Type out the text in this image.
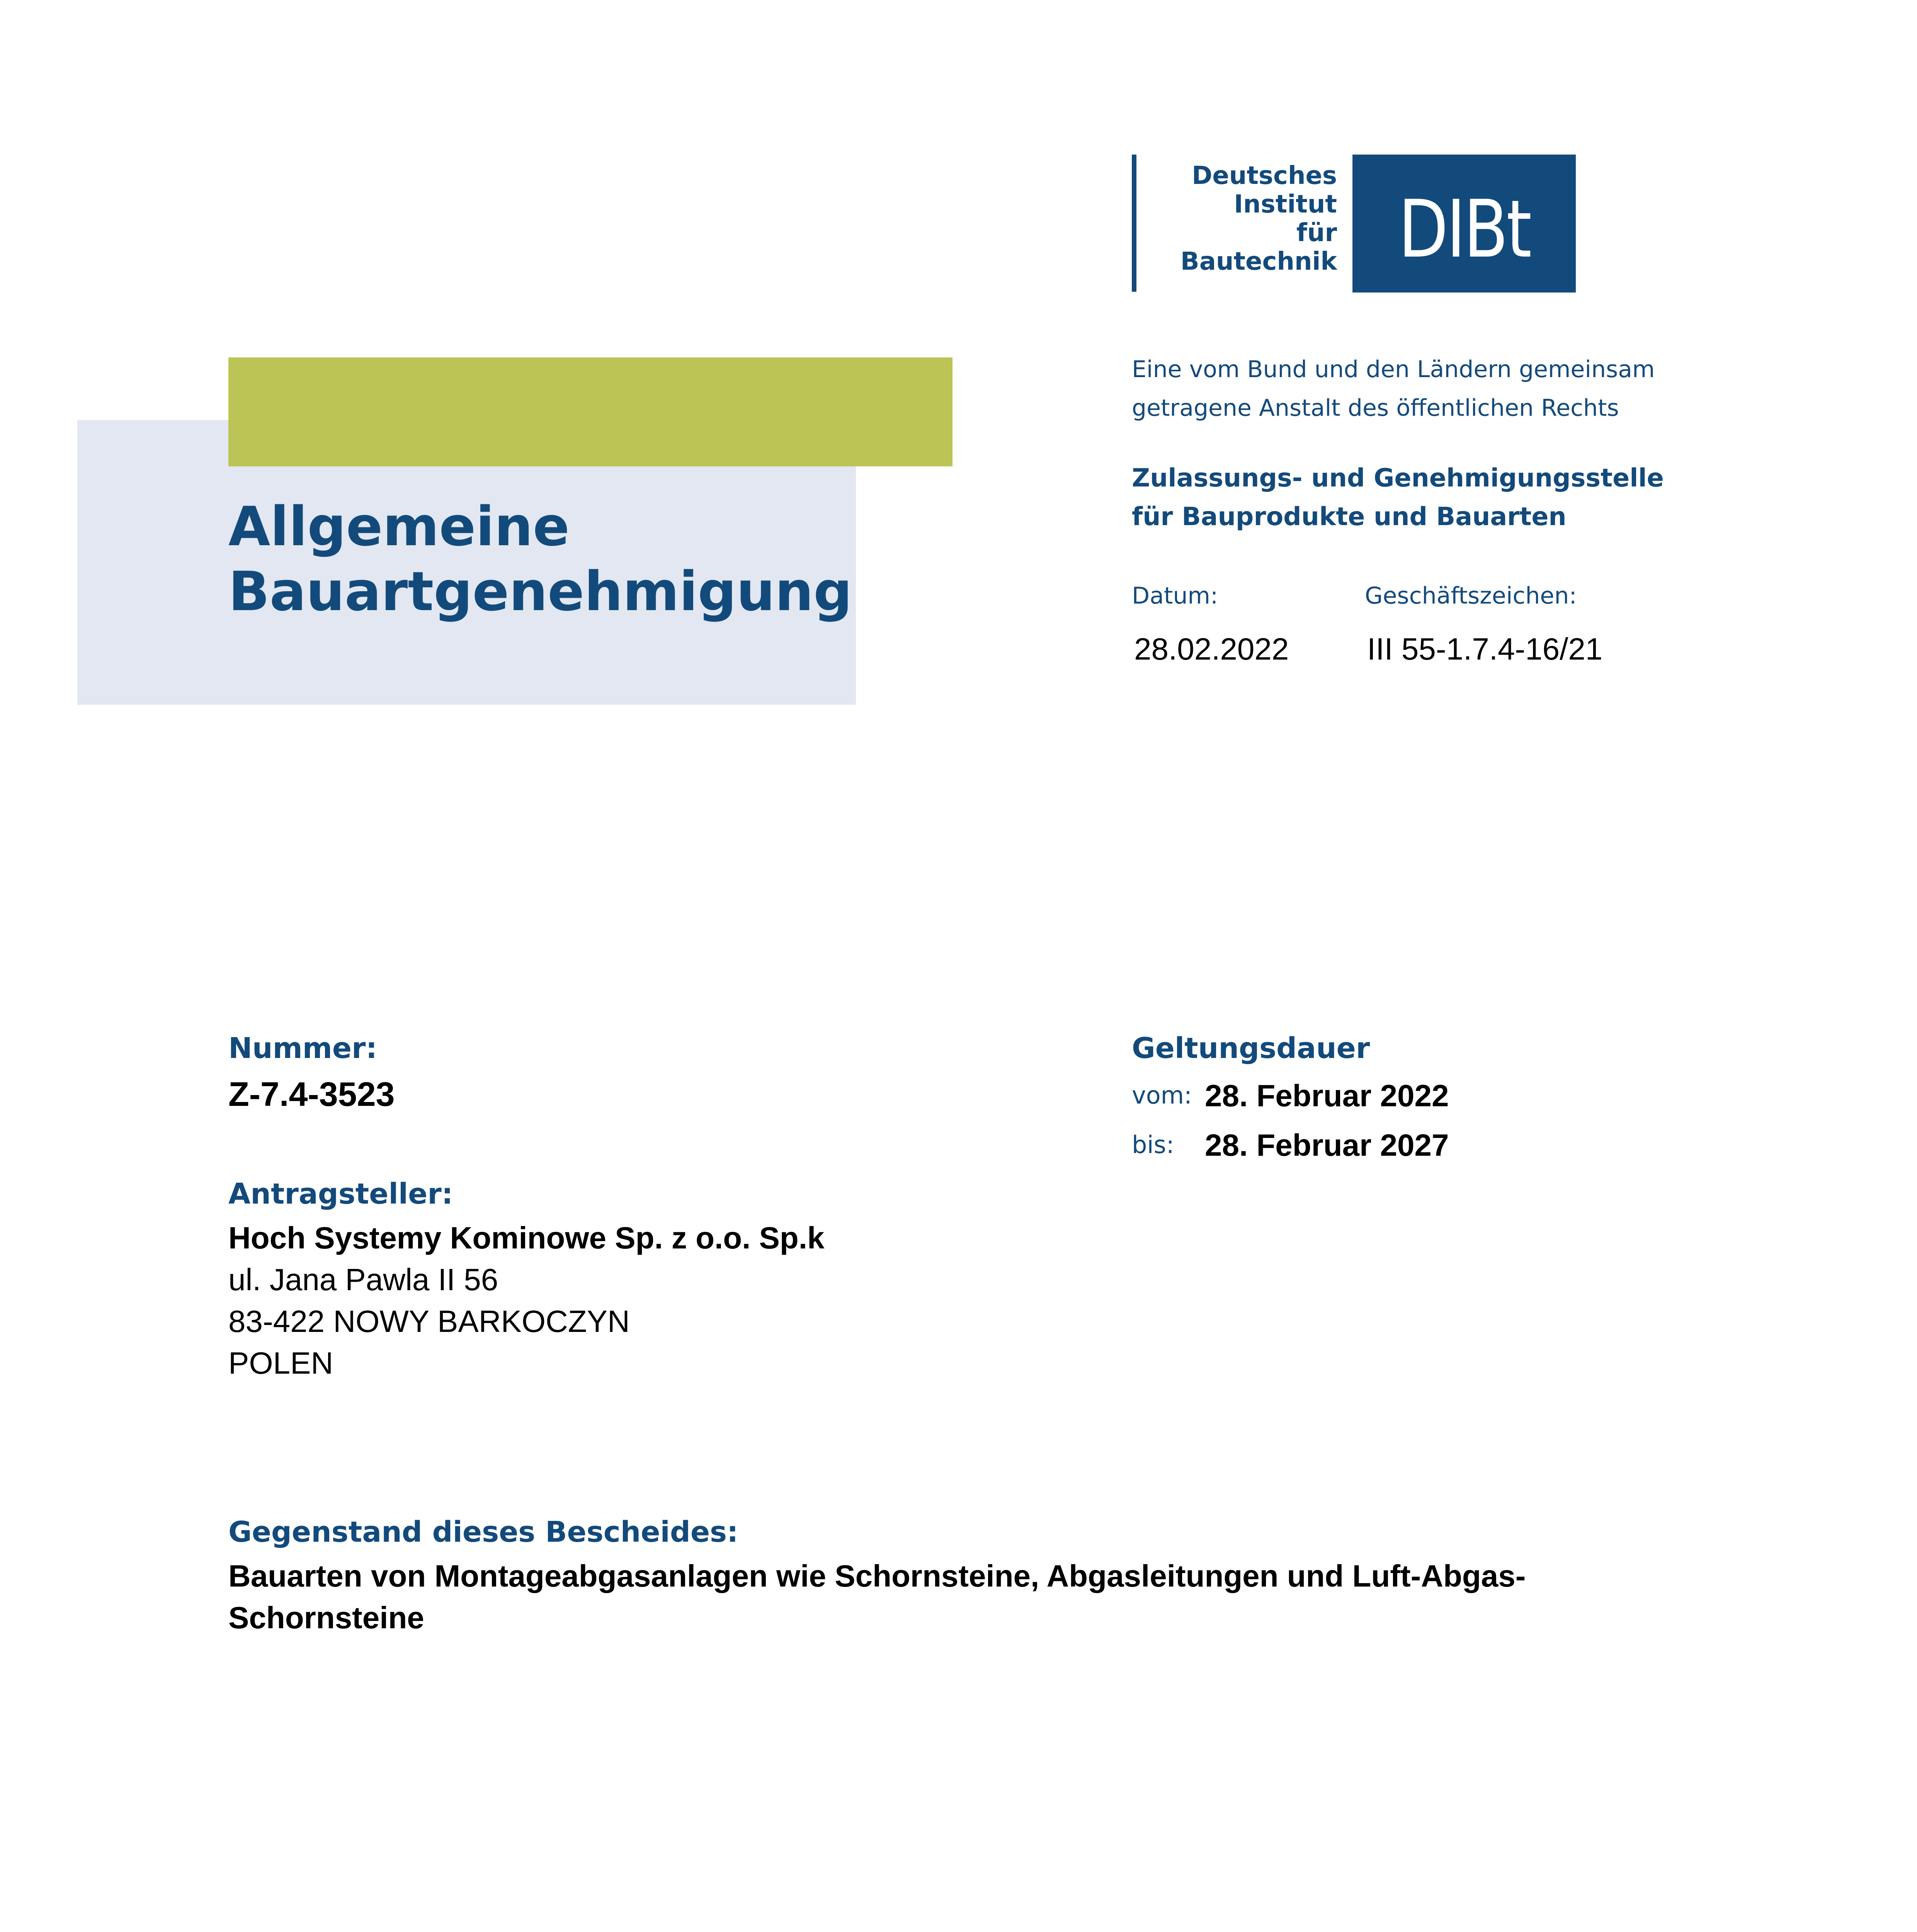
Deutsches
Institut
für
Bautechnik DIBt
Allgemeine
Bauartgenehmigung
Eine vom Bund und den Ländern gemeinsam
getragene Anstalt des öffentlichen Rechts
Zulassungs- und Genehmigungsstelle
für Bauprodukte und Bauarten
Datum:	Geschäftszeichen:
28.02.2022	III 55-1.7.4-16/21
Nummer:
Z-7.4-3523
Geltungsdauer
vom: 28. Februar 2022
bis: 28. Februar 2027
Antragsteller:
Hoch Systemy Kominowe Sp. z o.o. Sp.k
ul. Jana Pawla II 56
83-422 NOWY BARKOCZYN
POLEN
Gegenstand dieses Bescheides:
Bauarten von Montageabgasanlagen wie Schornsteine, Abgasleitungen und Luft-Abgas-
Schornsteine
